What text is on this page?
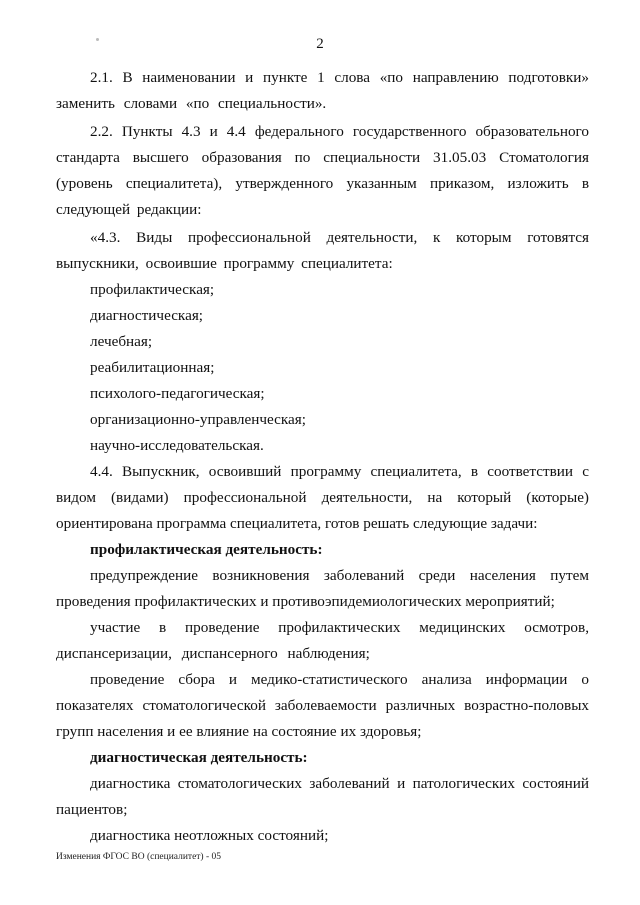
2

2.1. В наименовании и пункте 1 слова «по направлению подготовки» заменить словами «по специальности».

2.2. Пункты 4.3 и 4.4 федерального государственного образовательного стандарта высшего образования по специальности 31.05.03 Стоматология (уровень специалитета), утвержденного указанным приказом, изложить в следующей редакции:

«4.3. Виды профессиональной деятельности, к которым готовятся выпускники, освоившие программу специалитета:

профилактическая;

диагностическая;

лечебная;

реабилитационная;

психолого-педагогическая;

организационно-управленческая;

научно-исследовательская.

4.4. Выпускник, освоивший программу специалитета, в соответствии с видом (видами) профессиональной деятельности, на который (которые) ориентирована программа специалитета, готов решать следующие задачи:

профилактическая деятельность:

предупреждение возникновения заболеваний среди населения путем проведения профилактических и противоэпидемиологических мероприятий;

участие в проведение профилактических медицинских осмотров, диспансеризации, диспансерного наблюдения;

проведение сбора и медико-статистического анализа информации о показателях стоматологической заболеваемости различных возрастно-половых групп населения и ее влияние на состояние их здоровья;

диагностическая деятельность:

диагностика стоматологических заболеваний и патологических состояний пациентов;

диагностика неотложных состояний;

Изменения ФГОС ВО (специалитет) - 05
